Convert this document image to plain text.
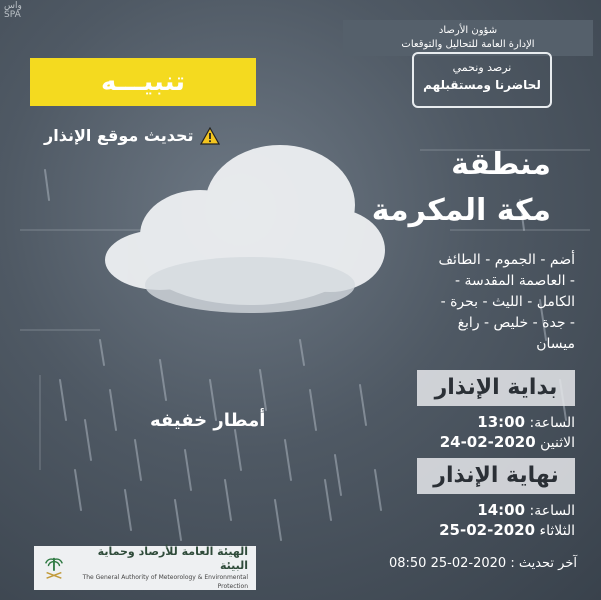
واس
SPA
شؤون الأرصاد
الإدارة العامة للتحاليل والتوقعات
تنبيـــه	نرصد ونحمي
لحاضرنا ومستقبلهم
تحديث موقع الإنذار
منطقة
مكة المكرمة
أضم - الجموم - الطائف
- العاصمة المقدسة -
- الكامل - الليث - بحرة
جدة - خليص - رابغ -
ميسان
أمطار خفيفه
بداية الإنذار
الساعة: 13:00
الاثنين 2020-02-24
نهاية الإنذار
الساعة: 14:00
الثلاثاء 2020-02-25
آخر تحديث : 2020-02-25 08:50
الهيئة العامة للأرصاد وحماية البيئة
The General Authority of Meteorology & Environmental Protection
